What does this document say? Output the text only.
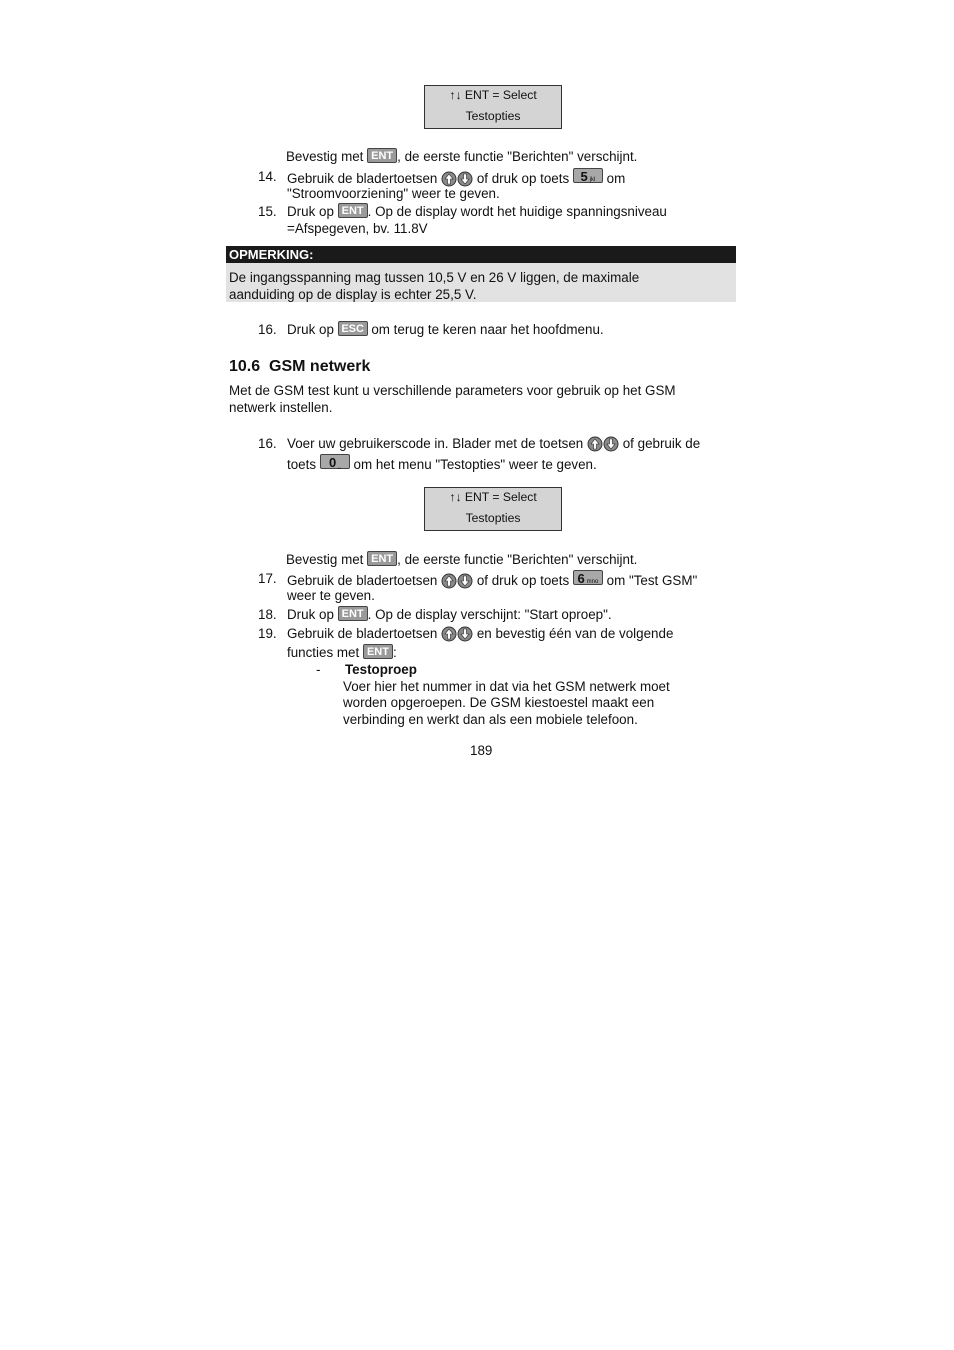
↑↓ ENT = Select
Testopties
Bevestig met ENT , de eerste functie "Berichten" verschijnt.
14. Gebruik de bladertoetsen	of druk op toets 5 jkl om
"Stroomvoorziening" weer te geven.
15. Druk op ENT . Op de display wordt het huidige spanningsniveau
=Afspegeven, bv. 11.8V
OPMERKING:
De ingangsspanning mag tussen 10,5 V en 26 V liggen, de maximale
aanduiding op de display is echter 25,5 V.
16. Druk op ESC om terug te keren naar het hoofdmenu.
10.6 GSM netwerk
Met de GSM test kunt u verschillende parameters voor gebruik op het GSM
netwerk instellen.
16. Voer uw gebruikerscode in. Blader met de toetsen	of gebruik de
toets 0 ⎵ om het menu "Testopties" weer te geven.
↑↓ ENT = Select
Testopties
Bevestig met ENT , de eerste functie "Berichten" verschijnt.
17. Gebruik de bladertoetsen	of druk op toets 6 mno om "Test GSM"
weer te geven.
18. Druk op ENT . Op de display verschijnt: "Start oproep".
19. Gebruik de bladertoetsen	en bevestig één van de volgende
functies met ENT :
- Testoproep
Voer hier het nummer in dat via het GSM netwerk moet
worden opgeroepen. De GSM kiestoestel maakt een
verbinding en werkt dan als een mobiele telefoon.
189
